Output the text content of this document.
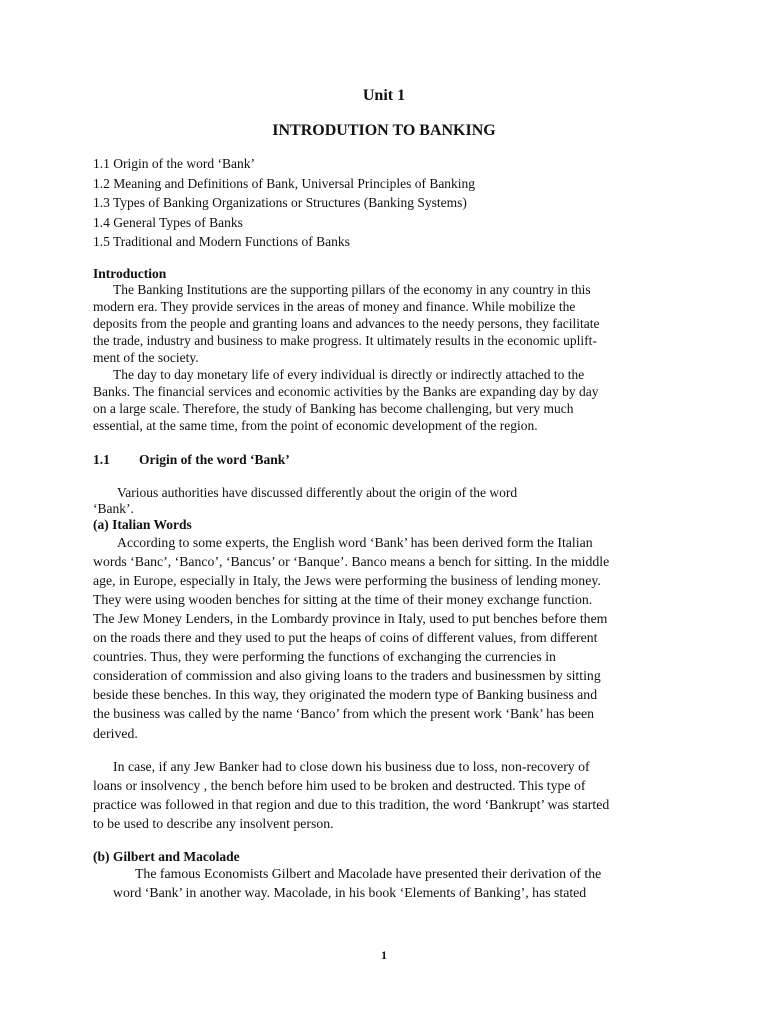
Unit 1
INTRODUTION TO BANKING
1.1 Origin of the word ‘Bank’
1.2 Meaning and Definitions of Bank, Universal Principles of Banking
1.3 Types of Banking Organizations or Structures (Banking Systems)
1.4 General Types of Banks
1.5 Traditional and Modern Functions of Banks
Introduction
The Banking Institutions are the supporting pillars of the economy in any country in this
modern era. They provide services in the areas of money and finance. While mobilize the
deposits from the people and granting loans and advances to the needy persons, they facilitate
the trade, industry and business to make progress. It ultimately results in the economic uplift-
ment of the society.
The day to day monetary life of every individual is directly or indirectly attached to the
Banks. The financial services and economic activities by the Banks are expanding day by day
on a large scale. Therefore, the study of Banking has become challenging, but very much
essential, at the same time, from the point of economic development of the region.
1.1 Origin of the word ‘Bank’
Various authorities have discussed differently about the origin of the word
‘Bank’.
(a) Italian Words
According to some experts, the English word ‘Bank’ has been derived form the Italian
words ‘Banc’, ‘Banco’, ‘Bancus’ or ‘Banque’. Banco means a bench for sitting. In the middle
age, in Europe, especially in Italy, the Jews were performing the business of lending money.
They were using wooden benches for sitting at the time of their money exchange function.
The Jew Money Lenders, in the Lombardy province in Italy, used to put benches before them
on the roads there and they used to put the heaps of coins of different values, from different
countries. Thus, they were performing the functions of exchanging the currencies in
consideration of commission and also giving loans to the traders and businessmen by sitting
beside these benches. In this way, they originated the modern type of Banking business and
the business was called by the name ‘Banco’ from which the present work ‘Bank’ has been
derived.
In case, if any Jew Banker had to close down his business due to loss, non-recovery of
loans or insolvency , the bench before him used to be broken and destructed. This type of
practice was followed in that region and due to this tradition, the word ‘Bankrupt’ was started
to be used to describe any insolvent person.
(b) Gilbert and Macolade
The famous Economists Gilbert and Macolade have presented their derivation of the
word ‘Bank’ in another way. Macolade, in his book ‘Elements of Banking’, has stated
1
